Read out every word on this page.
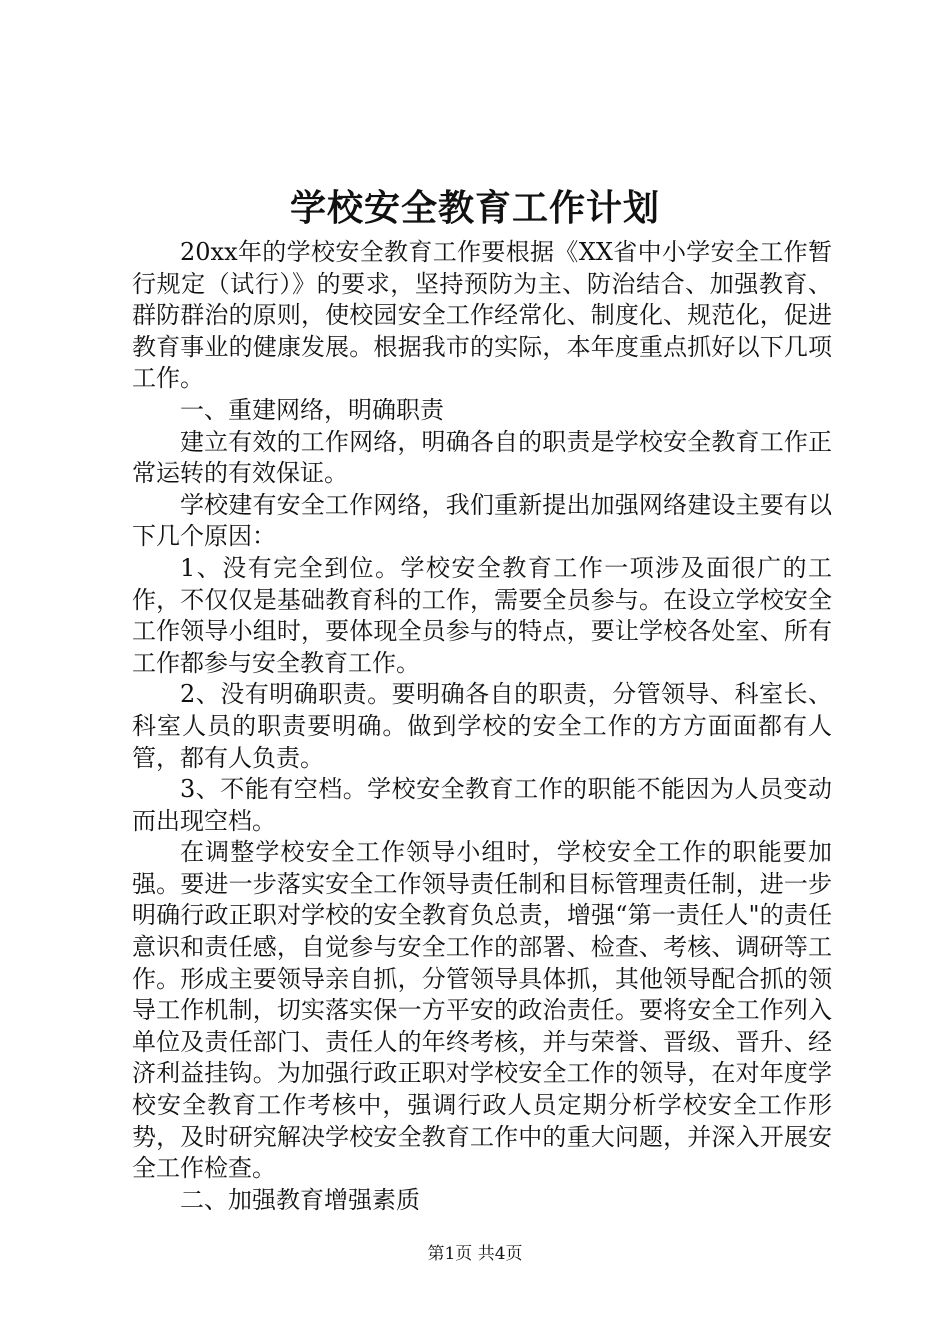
学校安全教育工作计划

20xx年的学校安全教育工作要根据《XX省中小学安全工作暂行规定（试行）》的要求，坚持预防为主、防治结合、加强教育、群防群治的原则，使校园安全工作经常化、制度化、规范化，促进教育事业的健康发展。根据我市的实际，本年度重点抓好以下几项工作。

一、重建网络，明确职责

建立有效的工作网络，明确各自的职责是学校安全教育工作正常运转的有效保证。

学校建有安全工作网络，我们重新提出加强网络建设主要有以下几个原因：

1、没有完全到位。学校安全教育工作一项涉及面很广的工作，不仅仅是基础教育科的工作，需要全员参与。在设立学校安全工作领导小组时，要体现全员参与的特点，要让学校各处室、所有工作都参与安全教育工作。

2、没有明确职责。要明确各自的职责，分管领导、科室长、科室人员的职责要明确。做到学校的安全工作的方方面面都有人管，都有人负责。

3、不能有空档。学校安全教育工作的职能不能因为人员变动而出现空档。

在调整学校安全工作领导小组时，学校安全工作的职能要加强。要进一步落实安全工作领导责任制和目标管理责任制，进一步明确行政正职对学校的安全教育负总责，增强“第一责任人"的责任意识和责任感，自觉参与安全工作的部署、检查、考核、调研等工作。形成主要领导亲自抓，分管领导具体抓，其他领导配合抓的领导工作机制，切实落实保一方平安的政治责任。要将安全工作列入单位及责任部门、责任人的年终考核，并与荣誉、晋级、晋升、经济利益挂钩。为加强行政正职对学校安全工作的领导，在对年度学校安全教育工作考核中，强调行政人员定期分析学校安全工作形势，及时研究解决学校安全教育工作中的重大问题，并深入开展安全工作检查。

二、加强教育增强素质

第1页 共4页
